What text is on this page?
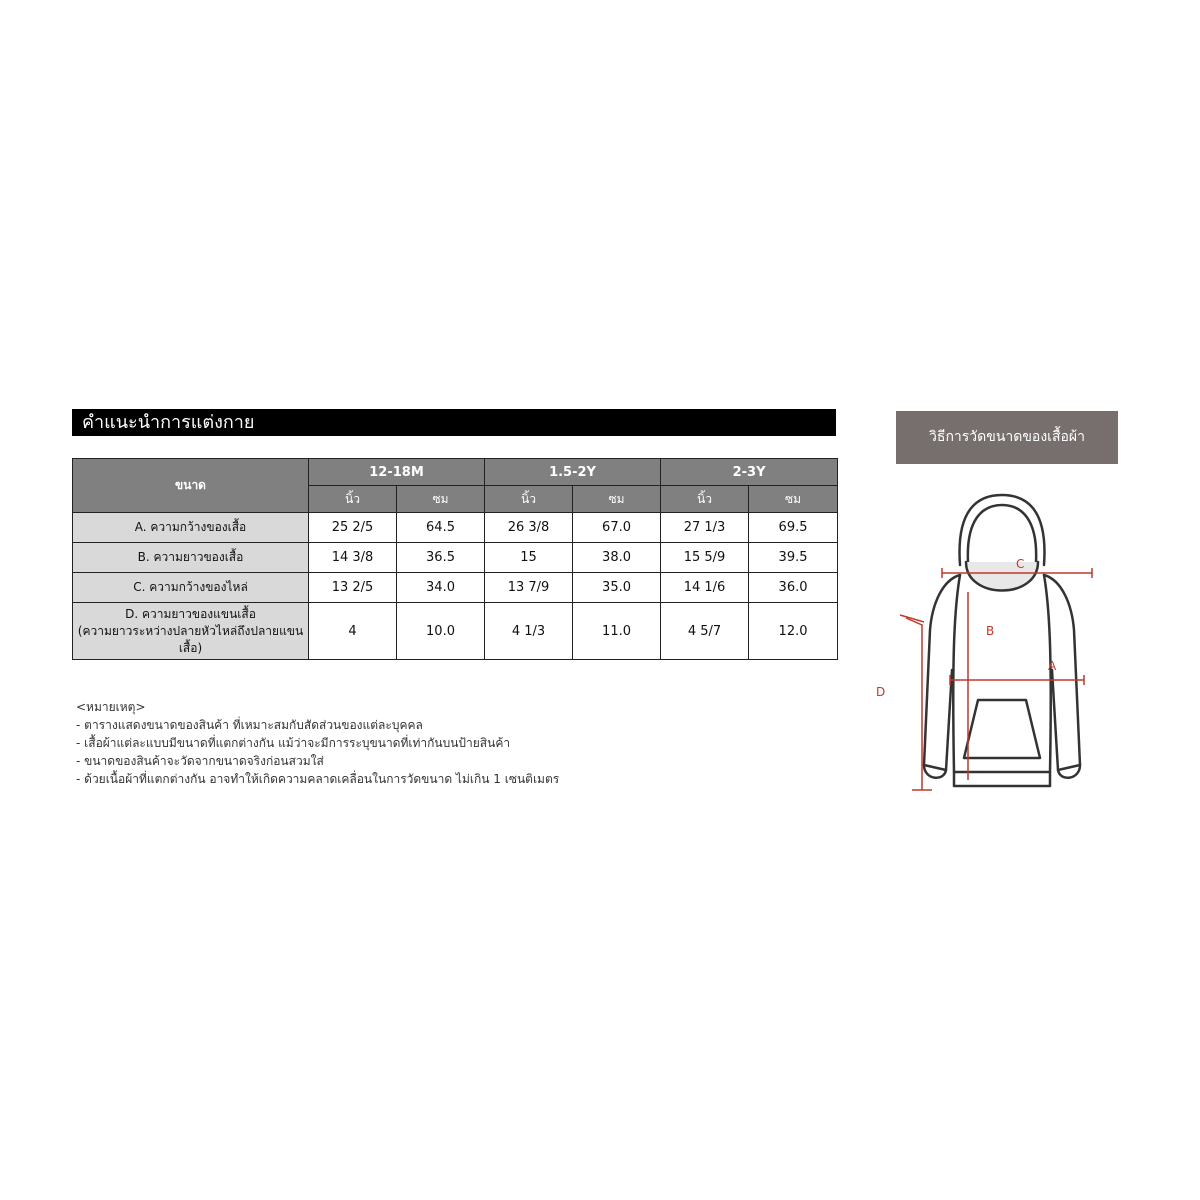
คำแนะนำการแต่งกาย
ขนาด	12-18M		1.5-2Y		2-3Y	
	นิ้ว	ซม	นิ้ว	ซม	นิ้ว	ซม
A. ความกว้างของเสื้อ	25 2/5	64.5	26 3/8	67.0	27 1/3	69.5
B. ความยาวของเสื้อ	14 3/8	36.5	15	38.0	15 5/9	39.5
C. ความกว้างของไหล่	13 2/5	34.0	13 7/9	35.0	14 1/6	36.0

D. ความยาวของแขนเสื้อ
(ความยาวระหว่างปลายหัวไหล่ถึงปลายแขน
เสื้อ)	4	10.0	4 1/3	11.0	4 5/7	12.0
<หมายเหตุ>
- ตารางแสดงขนาดของสินค้า ที่เหมาะสมกับสัดส่วนของแต่ละบุคคล
- เสื้อผ้าแต่ละแบบมีขนาดที่แตกต่างกัน แม้ว่าจะมีการระบุขนาดที่เท่ากันบนป้ายสินค้า
- ขนาดของสินค้าจะวัดจากขนาดจริงก่อนสวมใส่
- ด้วยเนื้อผ้าที่แตกต่างกัน อาจทำให้เกิดความคลาดเคลื่อนในการวัดขนาด ไม่เกิน 1 เซนติเมตร
วิธีการวัดขนาดของเสื้อผ้า
C
B
A
D
